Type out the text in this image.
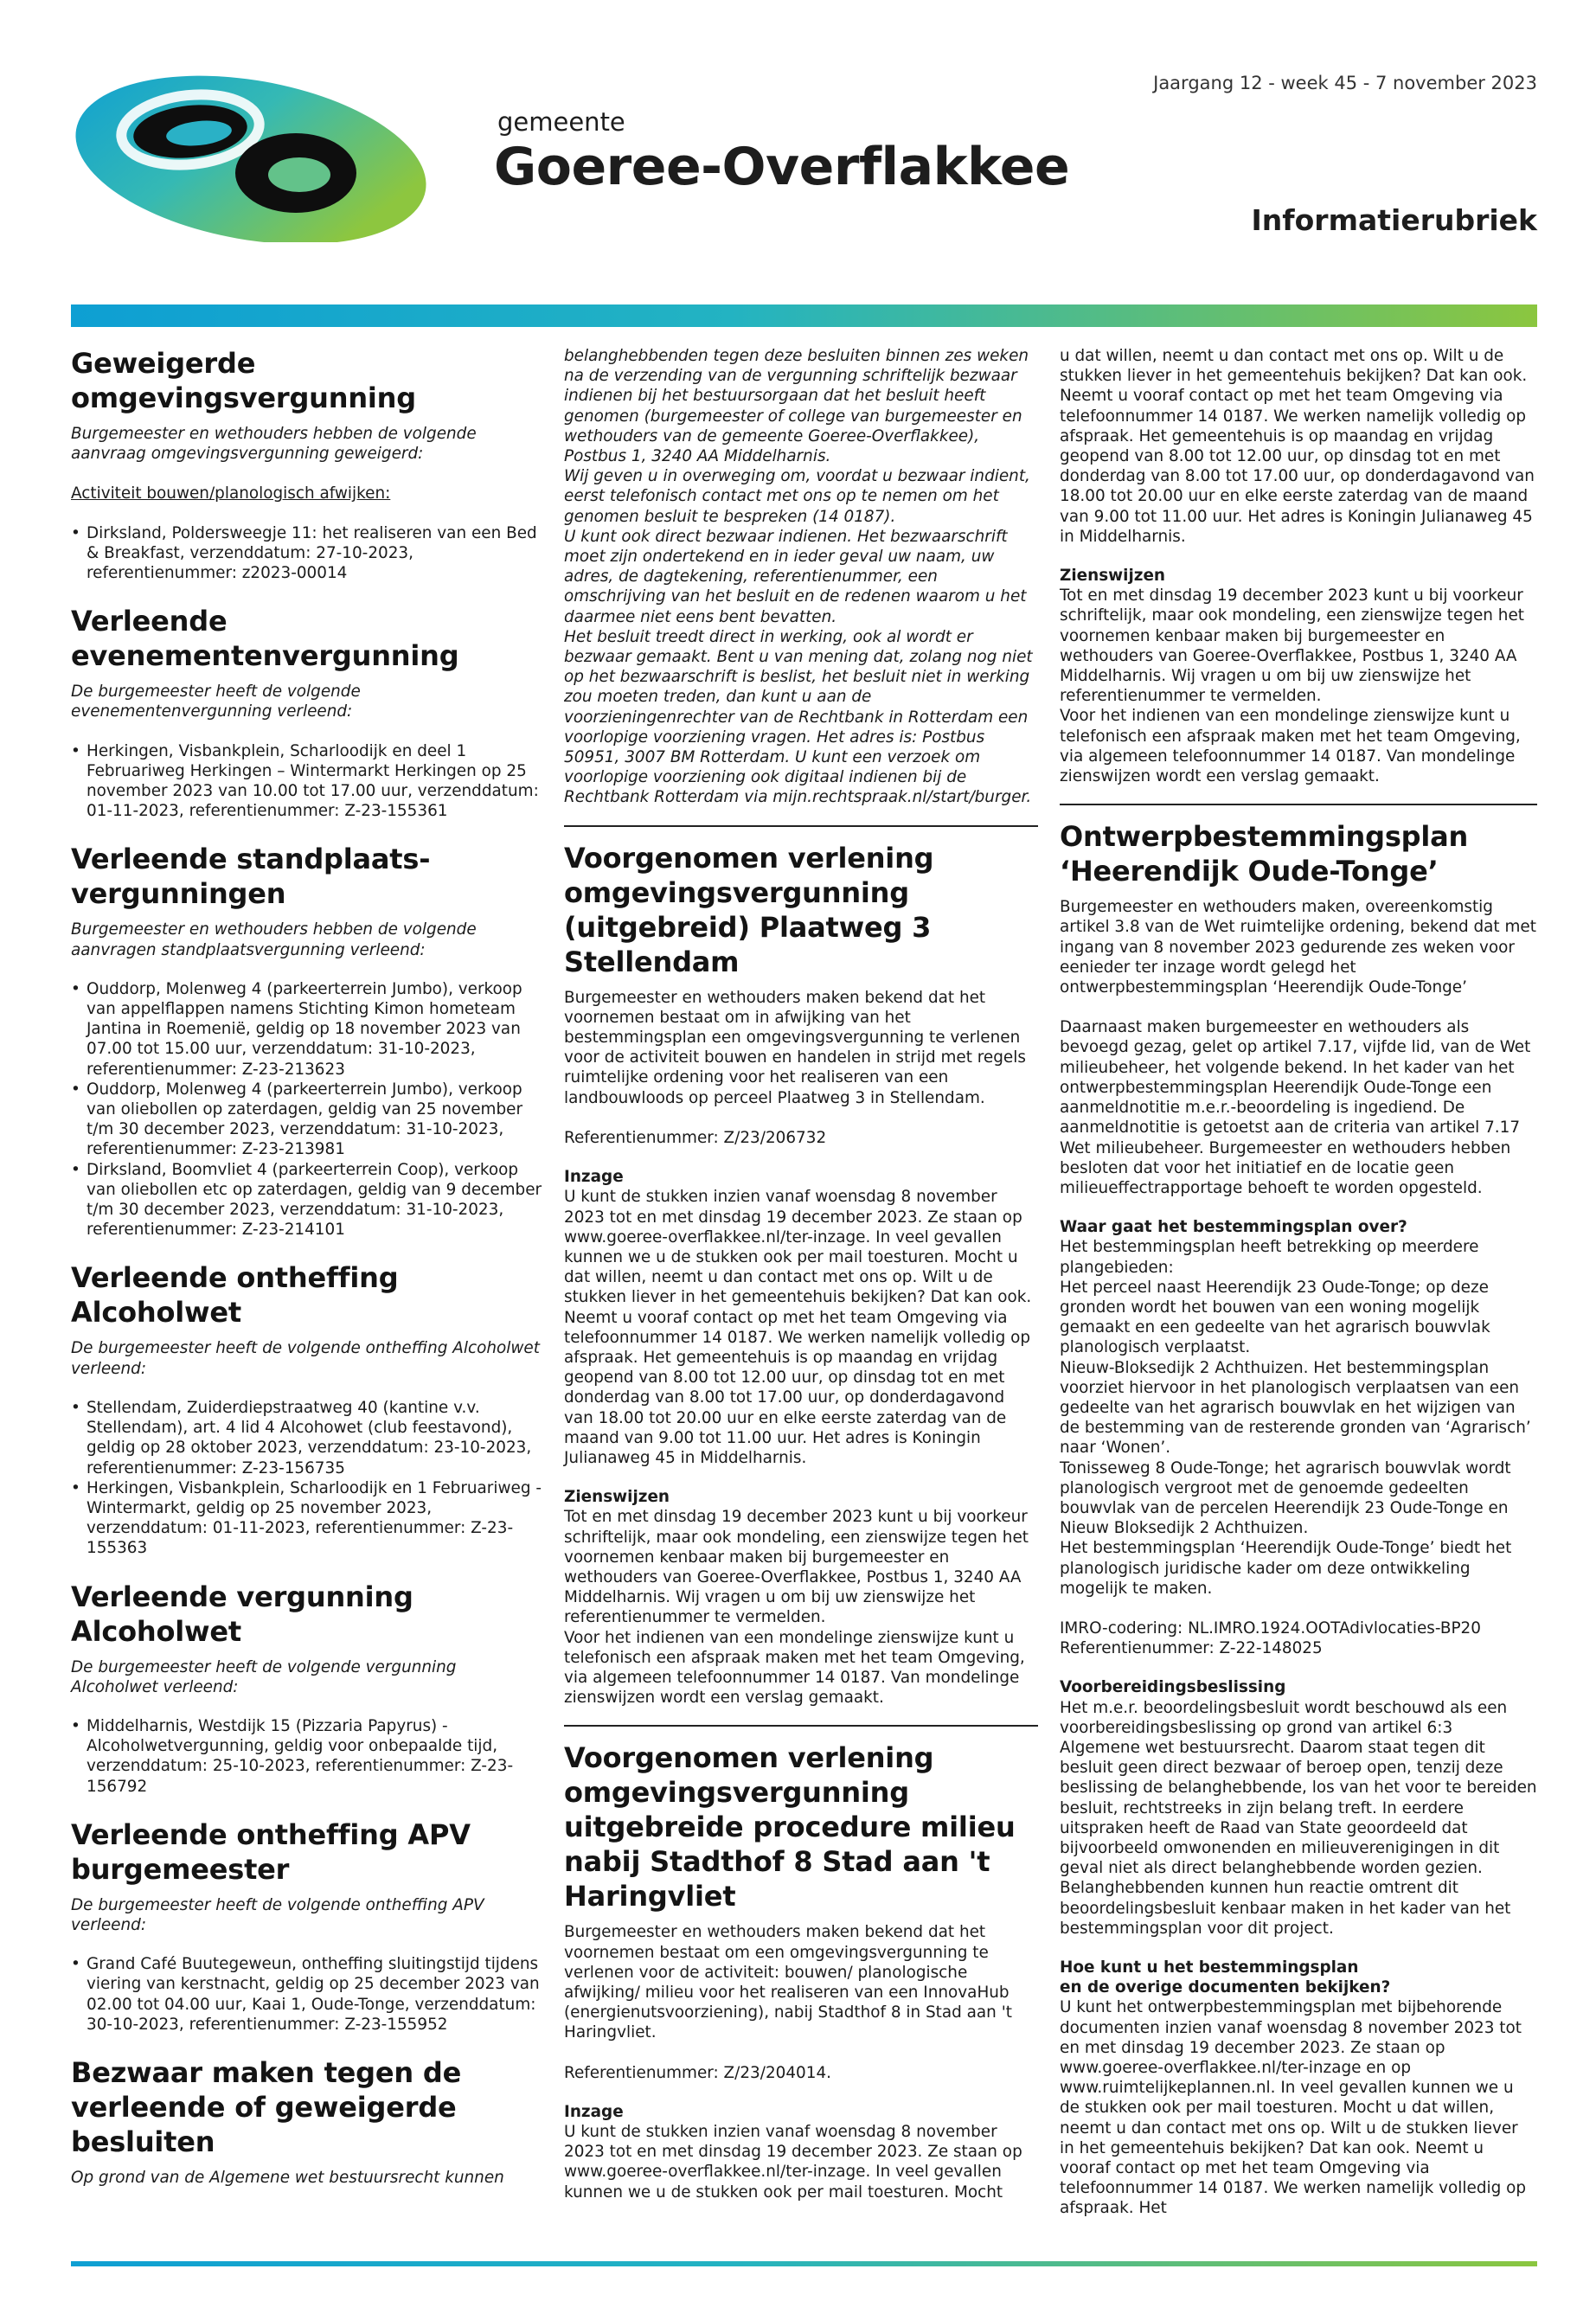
gemeente
Goeree-Overflakkee
Jaargang 12 - week 45 - 7 november 2023
Informatierubriek
Geweigerde omgevingsvergunning

Burgemeester en wethouders hebben de volgende aanvraag omgevingsvergunning geweigerd:

Activiteit bouwen/planologisch afwijken:

• Dirksland, Poldersweegje 11: het realiseren van een Bed & Breakfast, verzenddatum: 27-10-2023, referentienummer: z2023-00014
Verleende evenementenvergunning

De burgemeester heeft de volgende evenementenvergunning verleend:

• Herkingen, Visbankplein, Scharloodijk en deel 1 Februariweg Herkingen – Wintermarkt Herkingen op 25 november 2023 van 10.00 tot 17.00 uur, verzenddatum: 01-11-2023, referentienummer: Z-23-155361
Verleende standplaats-vergunningen

Burgemeester en wethouders hebben de volgende aanvragen standplaatsvergunning verleend:

• Ouddorp, Molenweg 4 (parkeerterrein Jumbo), verkoop van appelflappen namens Stichting Kimon hometeam Jantina in Roemenië, geldig op 18 november 2023 van 07.00 tot 15.00 uur, verzenddatum: 31-10-2023, referentienummer: Z-23-213623
• Ouddorp, Molenweg 4 (parkeerterrein Jumbo), verkoop van oliebollen op zaterdagen, geldig van 25 november t/m 30 december 2023, verzenddatum: 31-10-2023, referentienummer: Z-23-213981
• Dirksland, Boomvliet 4 (parkeerterrein Coop), verkoop van oliebollen etc op zaterdagen, geldig van 9 december t/m 30 december 2023, verzenddatum: 31-10-2023, referentienummer: Z-23-214101
Verleende ontheffing Alcoholwet

De burgemeester heeft de volgende ontheffing Alcoholwet verleend:

• Stellendam, Zuiderdiepstraatweg 40 (kantine v.v. Stellendam), art. 4 lid 4 Alcohowet (club feestavond), geldig op 28 oktober 2023, verzenddatum: 23-10-2023, referentienummer: Z-23-156735
• Herkingen, Visbankplein, Scharloodijk en 1 Februariweg - Wintermarkt, geldig op 25 november 2023, verzenddatum: 01-11-2023, referentienummer: Z-23-155363
Verleende vergunning Alcoholwet

De burgemeester heeft de volgende vergunning Alcoholwet verleend:

• Middelharnis, Westdijk 15 (Pizzaria Papyrus) - Alcoholwetvergunning, geldig voor onbepaalde tijd, verzenddatum: 25-10-2023, referentienummer: Z-23-156792
Verleende ontheffing APV burgemeester

De burgemeester heeft de volgende ontheffing APV verleend:

• Grand Café Buutegeweun, ontheffing sluitingstijd tijdens viering van kerstnacht, geldig op 25 december 2023 van 02.00 tot 04.00 uur, Kaai 1, Oude-Tonge, verzenddatum: 30-10-2023, referentienummer: Z-23-155952
Bezwaar maken tegen de verleende of geweigerde besluiten

Op grond van de Algemene wet bestuursrecht kunnen

belanghebbenden tegen deze besluiten binnen zes weken na de verzending van de vergunning schriftelijk bezwaar indienen bij het bestuursorgaan dat het besluit heeft genomen (burgemeester of college van burgemeester en wethouders van de gemeente Goeree-Overflakkee), Postbus 1, 3240 AA Middelharnis.

Wij geven u in overweging om, voordat u bezwaar indient, eerst telefonisch contact met ons op te nemen om het genomen besluit te bespreken (14 0187).

U kunt ook direct bezwaar indienen. Het bezwaarschrift moet zijn ondertekend en in ieder geval uw naam, uw adres, de dagtekening, referentienummer, een omschrijving van het besluit en de redenen waarom u het daarmee niet eens bent bevatten.

Het besluit treedt direct in werking, ook al wordt er bezwaar gemaakt. Bent u van mening dat, zolang nog niet op het bezwaarschrift is beslist, het besluit niet in werking zou moeten treden, dan kunt u aan de voorzieningenrechter van de Rechtbank in Rotterdam een voorlopige voorziening vragen. Het adres is: Postbus 50951, 3007 BM Rotterdam. U kunt een verzoek om voorlopige voorziening ook digitaal indienen bij de Rechtbank Rotterdam via mijn.rechtspraak.nl/start/burger.

Voorgenomen verlening omgevingsvergunning (uitgebreid) Plaatweg 3 Stellendam

Burgemeester en wethouders maken bekend dat het voornemen bestaat om in afwijking van het bestemmingsplan een omgevingsvergunning te verlenen voor de activiteit bouwen en handelen in strijd met regels ruimtelijke ordening voor het realiseren van een landbouwloods op perceel Plaatweg 3 in Stellendam.

Referentienummer: Z/23/206732

Inzage

U kunt de stukken inzien vanaf woensdag 8 november 2023 tot en met dinsdag 19 december 2023. Ze staan op www.goeree-overflakkee.nl/ter-inzage. In veel gevallen kunnen we u de stukken ook per mail toesturen. Mocht u dat willen, neemt u dan contact met ons op. Wilt u de stukken liever in het gemeentehuis bekijken? Dat kan ook. Neemt u vooraf contact op met het team Omgeving via telefoonnummer 14 0187. We werken namelijk volledig op afspraak. Het gemeentehuis is op maandag en vrijdag geopend van 8.00 tot 12.00 uur, op dinsdag tot en met donderdag van 8.00 tot 17.00 uur, op donderdagavond van 18.00 tot 20.00 uur en elke eerste zaterdag van de maand van 9.00 tot 11.00 uur. Het adres is Koningin Julianaweg 45 in Middelharnis.

Zienswijzen

Tot en met dinsdag 19 december 2023 kunt u bij voorkeur schriftelijk, maar ook mondeling, een zienswijze tegen het voornemen kenbaar maken bij burgemeester en wethouders van Goeree-Overflakkee, Postbus 1, 3240 AA Middelharnis. Wij vragen u om bij uw zienswijze het referentienummer te vermelden.

Voor het indienen van een mondelinge zienswijze kunt u telefonisch een afspraak maken met het team Omgeving, via algemeen telefoonnummer 14 0187. Van mondelinge zienswijzen wordt een verslag gemaakt.

Voorgenomen verlening omgevingsvergunning uitgebreide procedure milieu nabij Stadthof 8 Stad aan 't Haringvliet

Burgemeester en wethouders maken bekend dat het voornemen bestaat om een omgevingsvergunning te verlenen voor de activiteit: bouwen/ planologische afwijking/ milieu voor het realiseren van een InnovaHub (energienutsvoorziening), nabij Stadthof 8 in Stad aan 't Haringvliet.

Referentienummer: Z/23/204014.

Inzage

U kunt de stukken inzien vanaf woensdag 8 november 2023 tot en met dinsdag 19 december 2023. Ze staan op www.goeree-overflakkee.nl/ter-inzage. In veel gevallen kunnen we u de stukken ook per mail toesturen. Mocht

u dat willen, neemt u dan contact met ons op. Wilt u de stukken liever in het gemeentehuis bekijken? Dat kan ook. Neemt u vooraf contact op met het team Omgeving via telefoonnummer 14 0187. We werken namelijk volledig op afspraak. Het gemeentehuis is op maandag en vrijdag geopend van 8.00 tot 12.00 uur, op dinsdag tot en met donderdag van 8.00 tot 17.00 uur, op donderdagavond van 18.00 tot 20.00 uur en elke eerste zaterdag van de maand van 9.00 tot 11.00 uur. Het adres is Koningin Julianaweg 45 in Middelharnis.

Zienswijzen

Tot en met dinsdag 19 december 2023 kunt u bij voorkeur schriftelijk, maar ook mondeling, een zienswijze tegen het voornemen kenbaar maken bij burgemeester en wethouders van Goeree-Overflakkee, Postbus 1, 3240 AA Middelharnis. Wij vragen u om bij uw zienswijze het referentienummer te vermelden.

Voor het indienen van een mondelinge zienswijze kunt u telefonisch een afspraak maken met het team Omgeving, via algemeen telefoonnummer 14 0187. Van mondelinge zienswijzen wordt een verslag gemaakt.

Ontwerpbestemmingsplan ‘Heerendijk Oude-Tonge’

Burgemeester en wethouders maken, overeenkomstig artikel 3.8 van de Wet ruimtelijke ordening, bekend dat met ingang van 8 november 2023 gedurende zes weken voor eenieder ter inzage wordt gelegd het ontwerpbestemmingsplan ‘Heerendijk Oude-Tonge’

Daarnaast maken burgemeester en wethouders als bevoegd gezag, gelet op artikel 7.17, vijfde lid, van de Wet milieubeheer, het volgende bekend. In het kader van het ontwerpbestemmingsplan Heerendijk Oude-Tonge een aanmeldnotitie m.e.r.-beoordeling is ingediend. De aanmeldnotitie is getoetst aan de criteria van artikel 7.17 Wet milieubeheer. Burgemeester en wethouders hebben besloten dat voor het initiatief en de locatie geen milieueffectrapportage behoeft te worden opgesteld.

Waar gaat het bestemmingsplan over?

Het bestemmingsplan heeft betrekking op meerdere plangebieden:

Het perceel naast Heerendijk 23 Oude-Tonge; op deze gronden wordt het bouwen van een woning mogelijk gemaakt en een gedeelte van het agrarisch bouwvlak planologisch verplaatst.

Nieuw-Bloksedijk 2 Achthuizen. Het bestemmingsplan voorziet hiervoor in het planologisch verplaatsen van een gedeelte van het agrarisch bouwvlak en het wijzigen van de bestemming van de resterende gronden van ‘Agrarisch’ naar ‘Wonen’.

Tonisseweg 8 Oude-Tonge; het agrarisch bouwvlak wordt planologisch vergroot met de genoemde gedeelten bouwvlak van de percelen Heerendijk 23 Oude-Tonge en Nieuw Bloksedijk 2 Achthuizen.

Het bestemmingsplan ‘Heerendijk Oude-Tonge’ biedt het planologisch juridische kader om deze ontwikkeling mogelijk te maken.

IMRO-codering: NL.IMRO.1924.OOTAdivlocaties-BP20

Referentienummer: Z-22-148025

Voorbereidingsbeslissing

Het m.e.r. beoordelingsbesluit wordt beschouwd als een voorbereidingsbeslissing op grond van artikel 6:3 Algemene wet bestuursrecht. Daarom staat tegen dit besluit geen direct bezwaar of beroep open, tenzij deze beslissing de belanghebbende, los van het voor te bereiden besluit, rechtstreeks in zijn belang treft. In eerdere uitspraken heeft de Raad van State geoordeeld dat bijvoorbeeld omwonenden en milieuverenigingen in dit geval niet als direct belanghebbende worden gezien. Belanghebbenden kunnen hun reactie omtrent dit beoordelingsbesluit kenbaar maken in het kader van het bestemmingsplan voor dit project.

Hoe kunt u het bestemmingsplan

en de overige documenten bekijken?

U kunt het ontwerpbestemmingsplan met bijbehorende documenten inzien vanaf woensdag 8 november 2023 tot en met dinsdag 19 december 2023. Ze staan op www.goeree-overflakkee.nl/ter-inzage en op www.ruimtelijkeplannen.nl. In veel gevallen kunnen we u de stukken ook per mail toesturen. Mocht u dat willen, neemt u dan contact met ons op. Wilt u de stukken liever in het gemeentehuis bekijken? Dat kan ook. Neemt u vooraf contact op met het team Omgeving via telefoonnummer 14 0187. We werken namelijk volledig op afspraak. Het
